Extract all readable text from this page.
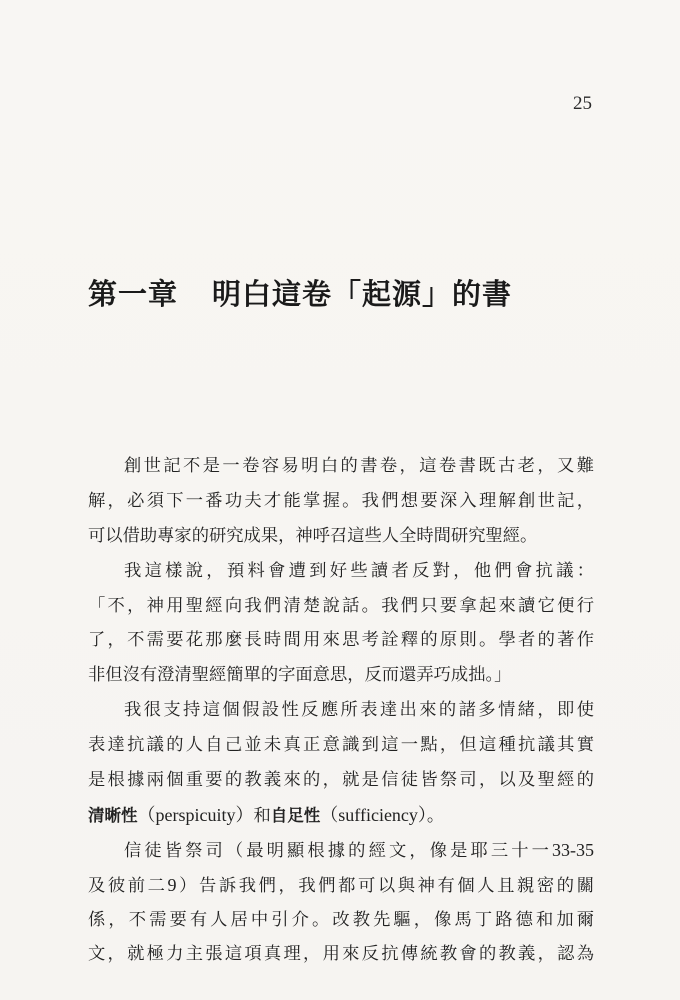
25
第一章 明白這卷「起源」的書
創世記不是一卷容易明白的書卷，這卷書既古老，又難
解，必須下一番功夫才能掌握。我們想要深入理解創世記，
可以借助專家的研究成果，神呼召這些人全時間研究聖經。
我這樣說，預料會遭到好些讀者反對，他們會抗議：
「不，神用聖經向我們清楚說話。我們只要拿起來讀它便行
了，不需要花那麼長時間用來思考詮釋的原則。學者的著作
非但沒有澄清聖經簡單的字面意思，反而還弄巧成拙。」
我很支持這個假設性反應所表達出來的諸多情緒，即使
表達抗議的人自己並未真正意識到這一點，但這種抗議其實
是根據兩個重要的教義來的，就是信徒皆祭司，以及聖經的
清晰性（perspicuity）和自足性（sufficiency）。
信徒皆祭司（最明顯根據的經文，像是耶三十一33-35
及彼前二9）告訴我們，我們都可以與神有個人且親密的關
係，不需要有人居中引介。改教先驅，像馬丁路德和加爾
文，就極力主張這項真理，用來反抗傳統教會的教義，認為
